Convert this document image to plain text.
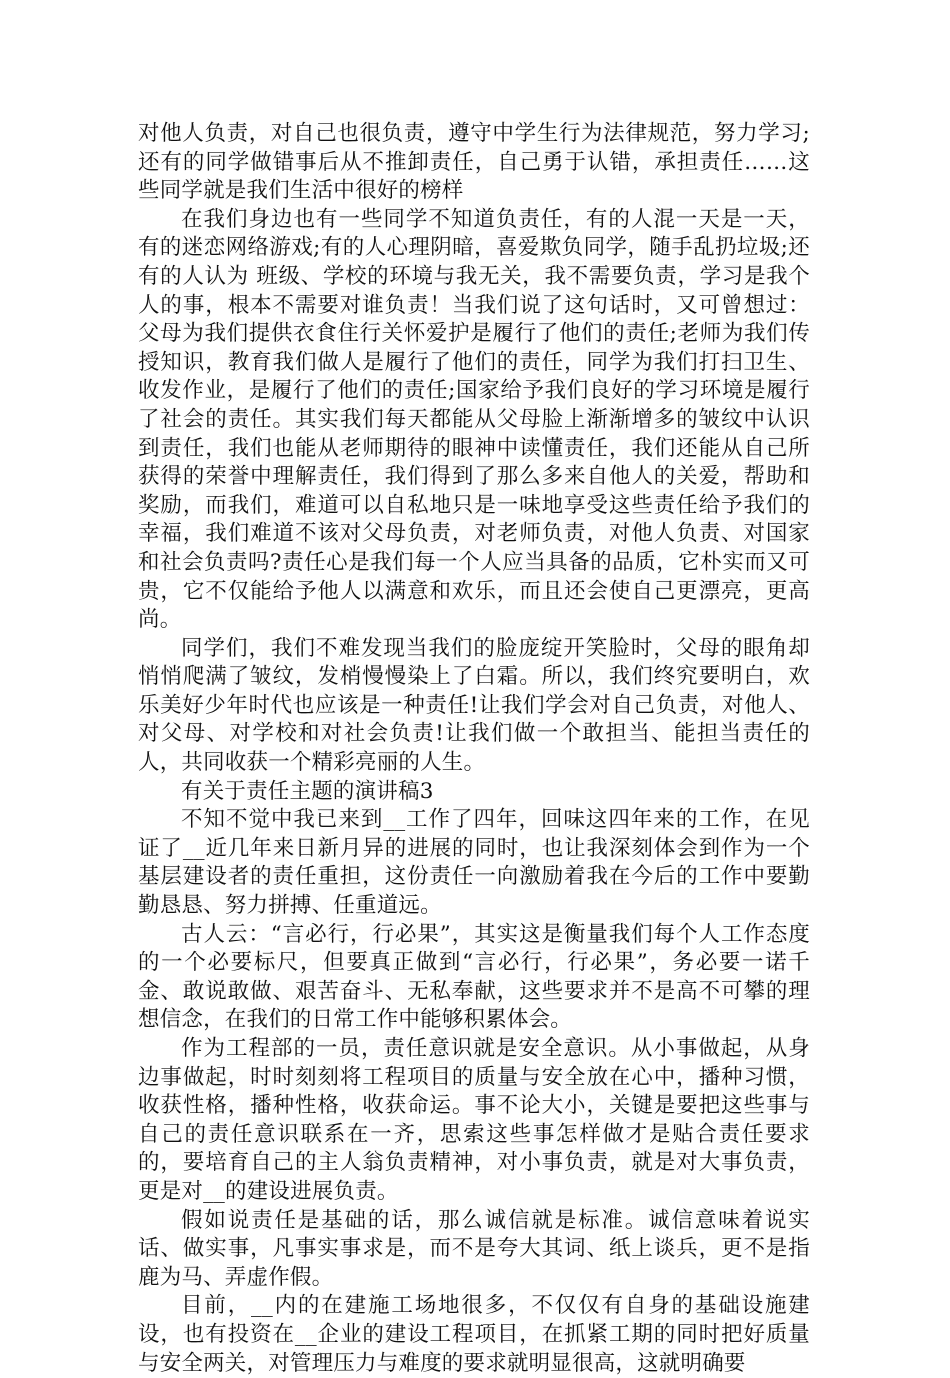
对他人负责，对自己也很负责，遵守中学生行为法律规范，努力学习;还有的同学做错事后从不推卸责任，自己勇于认错，承担责任……这些同学就是我们生活中很好的榜样

在我们身边也有一些同学不知道负责任，有的人混一天是一天，有的迷恋网络游戏;有的人心理阴暗，喜爱欺负同学，随手乱扔垃圾;还有的人认为 班级、学校的环境与我无关，我不需要负责，学习是我个人的事，根本不需要对谁负责！当我们说了这句话时，又可曾想过：父母为我们提供衣食住行关怀爱护是履行了他们的责任;老师为我们传授知识，教育我们做人是履行了他们的责任，同学为我们打扫卫生、收发作业，是履行了他们的责任;国家给予我们良好的学习环境是履行了社会的责任。其实我们每天都能从父母脸上渐渐增多的皱纹中认识到责任，我们也能从老师期待的眼神中读懂责任，我们还能从自己所获得的荣誉中理解责任，我们得到了那么多来自他人的关爱，帮助和奖励，而我们，难道可以自私地只是一味地享受这些责任给予我们的幸福，我们难道不该对父母负责，对老师负责，对他人负责、对国家和社会负责吗?责任心是我们每一个人应当具备的品质，它朴实而又可贵，它不仅能给予他人以满意和欢乐，而且还会使自己更漂亮，更高尚。

同学们，我们不难发现当我们的脸庞绽开笑脸时，父母的眼角却悄悄爬满了皱纹，发梢慢慢染上了白霜。所以，我们终究要明白，欢乐美好少年时代也应该是一种责任!让我们学会对自己负责，对他人、对父母、对学校和对社会负责!让我们做一个敢担当、能担当责任的人，共同收获一个精彩亮丽的人生。

有关于责任主题的演讲稿3

不知不觉中我已来到__工作了四年，回味这四年来的工作，在见证了__近几年来日新月异的进展的同时，也让我深刻体会到作为一个基层建设者的责任重担，这份责任一向激励着我在今后的工作中要勤勤恳恳、努力拼搏、任重道远。

古人云：“言必行，行必果”，其实这是衡量我们每个人工作态度的一个必要标尺，但要真正做到“言必行，行必果”，务必要一诺千金、敢说敢做、艰苦奋斗、无私奉献，这些要求并不是高不可攀的理想信念，在我们的日常工作中能够积累体会。

作为工程部的一员，责任意识就是安全意识。从小事做起，从身边事做起，时时刻刻将工程项目的质量与安全放在心中，播种习惯，收获性格，播种性格，收获命运。事不论大小，关键是要把这些事与自己的责任意识联系在一齐，思索这些事怎样做才是贴合责任要求的，要培育自己的主人翁负责精神，对小事负责，就是对大事负责，更是对__的建设进展负责。

假如说责任是基础的话，那么诚信就是标准。诚信意味着说实话、做实事，凡事实事求是，而不是夸大其词、纸上谈兵，更不是指鹿为马、弄虚作假。

目前，__内的在建施工场地很多，不仅仅有自身的基础设施建设，也有投资在__企业的建设工程项目，在抓紧工期的同时把好质量与安全两关，对管理压力与难度的要求就明显很高，这就明确要
